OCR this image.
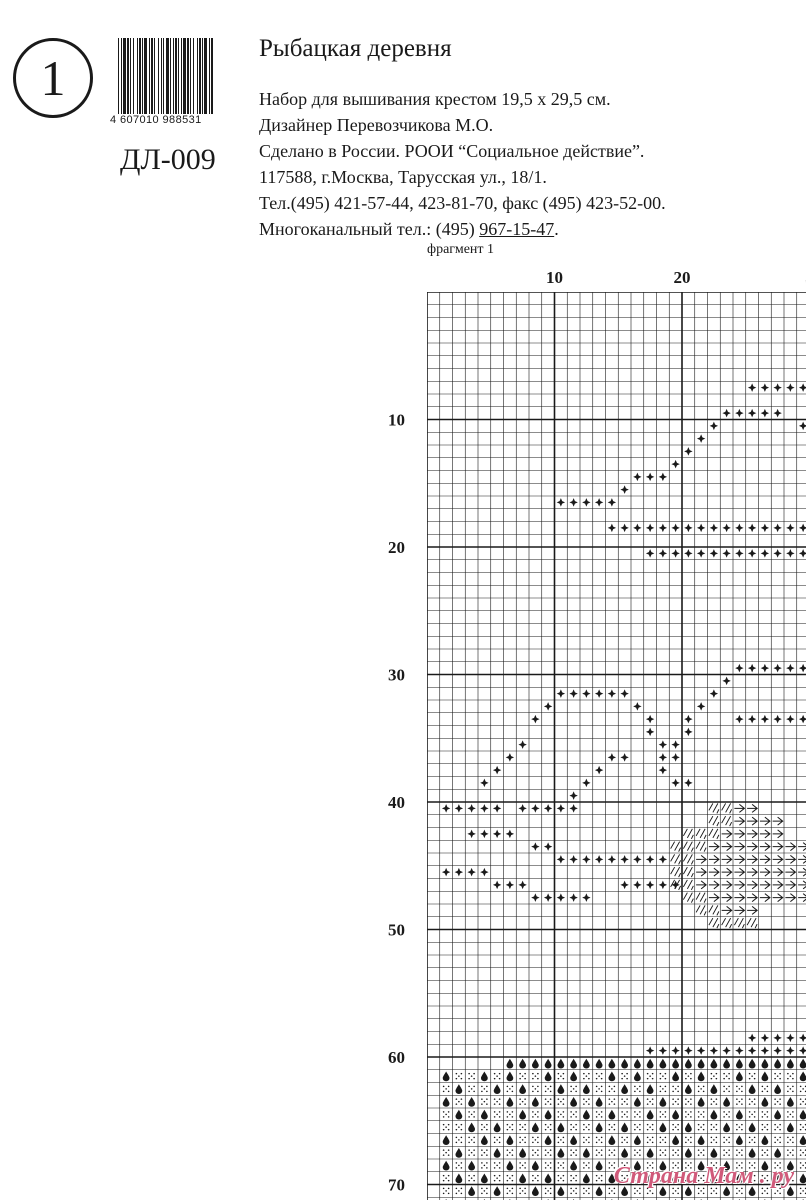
1
4 607010 988531
ДЛ-009
Рыбацкая деревня
Набор для вышивания крестом 19,5 х 29,5 см.
Дизайнер Перевозчикова М.О.
Сделано в России. РООИ “Социальное действие”.
117588, г.Москва, Тарусская ул., 18/1.
Тел.(495) 421-57-44, 423-81-70, факс (495) 423-52-00.
Многоканальный тел.: (495) 967-15-47.
фрагмент 1
10	20
10
20
30
40
50
60
70	Страна Мам . ру
